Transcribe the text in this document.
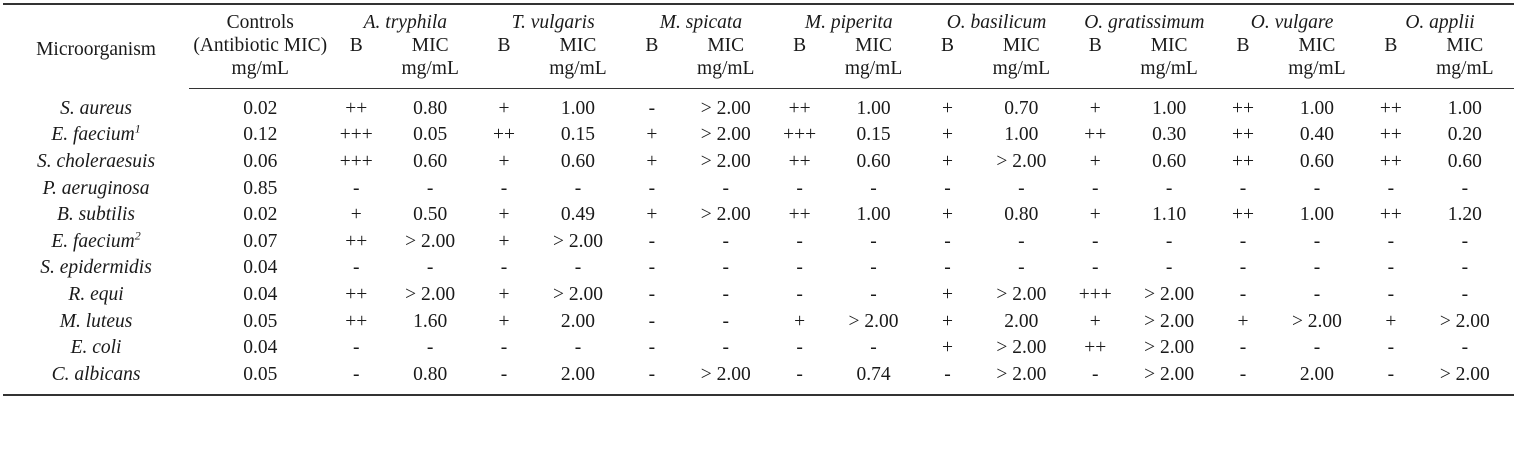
Microorganism	Controls	A. tryphila		T. vulgaris		M. spicata		M. piperita		O. basilicum		O. gratissimum		O. vulgare		O. applii	
	(Antibiotic MIC)	B	MIC	B	MIC	B	MIC	B	MIC	B	MIC	B	MIC	B	MIC	B	MIC
	mg/mL		mg/mL		mg/mL		mg/mL		mg/mL		mg/mL		mg/mL		mg/mL		mg/mL
S. aureus	0.02	++	0.80	+	1.00	-	> 2.00	++	1.00	+	0.70	+	1.00	++	1.00	++	1.00
E. faecium$^1$	0.12	+++	0.05	++	0.15	+	> 2.00	+++	0.15	+	1.00	++	0.30	++	0.40	++	0.20
S. choleraesuis	0.06	+++	0.60	+	0.60	+	> 2.00	++	0.60	+	> 2.00	+	0.60	++	0.60	++	0.60
P. aeruginosa	0.85	-	-	-	-	-	-	-	-	-	-	-	-	-	-	-	-
B. subtilis	0.02	+	0.50	+	0.49	+	> 2.00	++	1.00	+	0.80	+	1.10	++	1.00	++	1.20
E. faecium$^2$	0.07	++	> 2.00	+	> 2.00	-	-	-	-	-	-	-	-	-	-	-	-
S. epidermidis	0.04	-	-	-	-	-	-	-	-	-	-	-	-	-	-	-	-
R. equi	0.04	++	> 2.00	+	> 2.00	-	-	-	-	+	> 2.00	+++	> 2.00	-	-	-	-
M. luteus	0.05	++	1.60	+	2.00	-	-	+	> 2.00	+	2.00	+	> 2.00	+	> 2.00	+	> 2.00
E. coli	0.04	-	-	-	-	-	-	-	-	+	> 2.00	++	> 2.00	-	-	-	-
C. albicans	0.05	-	0.80	-	2.00	-	> 2.00	-	0.74	-	> 2.00	-	> 2.00	-	2.00	-	> 2.00
